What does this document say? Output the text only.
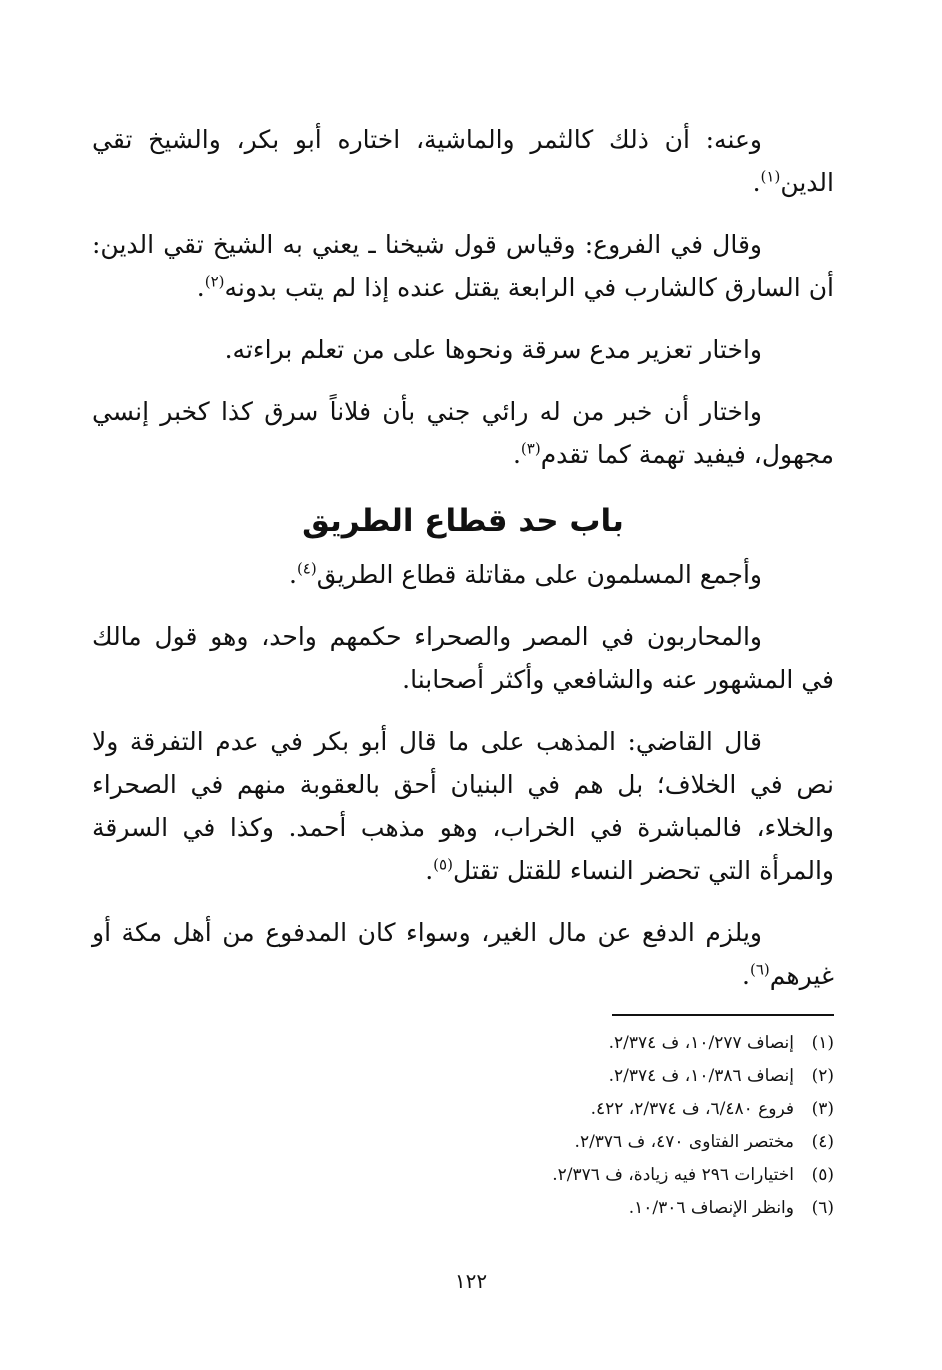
وعنه: أن ذلك كالثمر والماشية، اختاره أبو بكر، والشيخ تقي الدين$^{(١)}$.

وقال في الفروع: وقياس قول شيخنا ـ يعني به الشيخ تقي الدين: أن السارق كالشارب في الرابعة يقتل عنده إذا لم يتب بدونه$^{(٢)}$.

واختار تعزير مدع سرقة ونحوها على من تعلم براءته.

واختار أن خبر من له رائي جني بأن فلاناً سرق كذا كخبر إنسي مجهول، فيفيد تهمة كما تقدم$^{(٣)}$.

باب حد قطاع الطريق

وأجمع المسلمون على مقاتلة قطاع الطريق$^{(٤)}$.

والمحاربون في المصر والصحراء حكمهم واحد، وهو قول مالك في المشهور عنه والشافعي وأكثر أصحابنا.

قال القاضي: المذهب على ما قال أبو بكر في عدم التفرقة ولا نص في الخلاف؛ بل هم في البنيان أحق بالعقوبة منهم في الصحراء والخلاء، فالمباشرة في الخراب، وهو مذهب أحمد. وكذا في السرقة والمرأة التي تحضر النساء للقتل تقتل$^{(٥)}$.

ويلزم الدفع عن مال الغير، وسواء كان المدفوع من أهل مكة أو غيرهم$^{(٦)}$.

(١)إنصاف ١٠/٢٧٧، ف ٢/٣٧٤.
(٢)إنصاف ١٠/٣٨٦، ف ٢/٣٧٤.
(٣)فروع ٦/٤٨٠، ف ٢/٣٧٤، ٤٢٢.
(٤)مختصر الفتاوى ٤٧٠، ف ٢/٣٧٦.
(٥)اختيارات ٢٩٦ فيه زيادة، ف ٢/٣٧٦.
(٦)وانظر الإنصاف ١٠/٣٠٦.
١٢٢
